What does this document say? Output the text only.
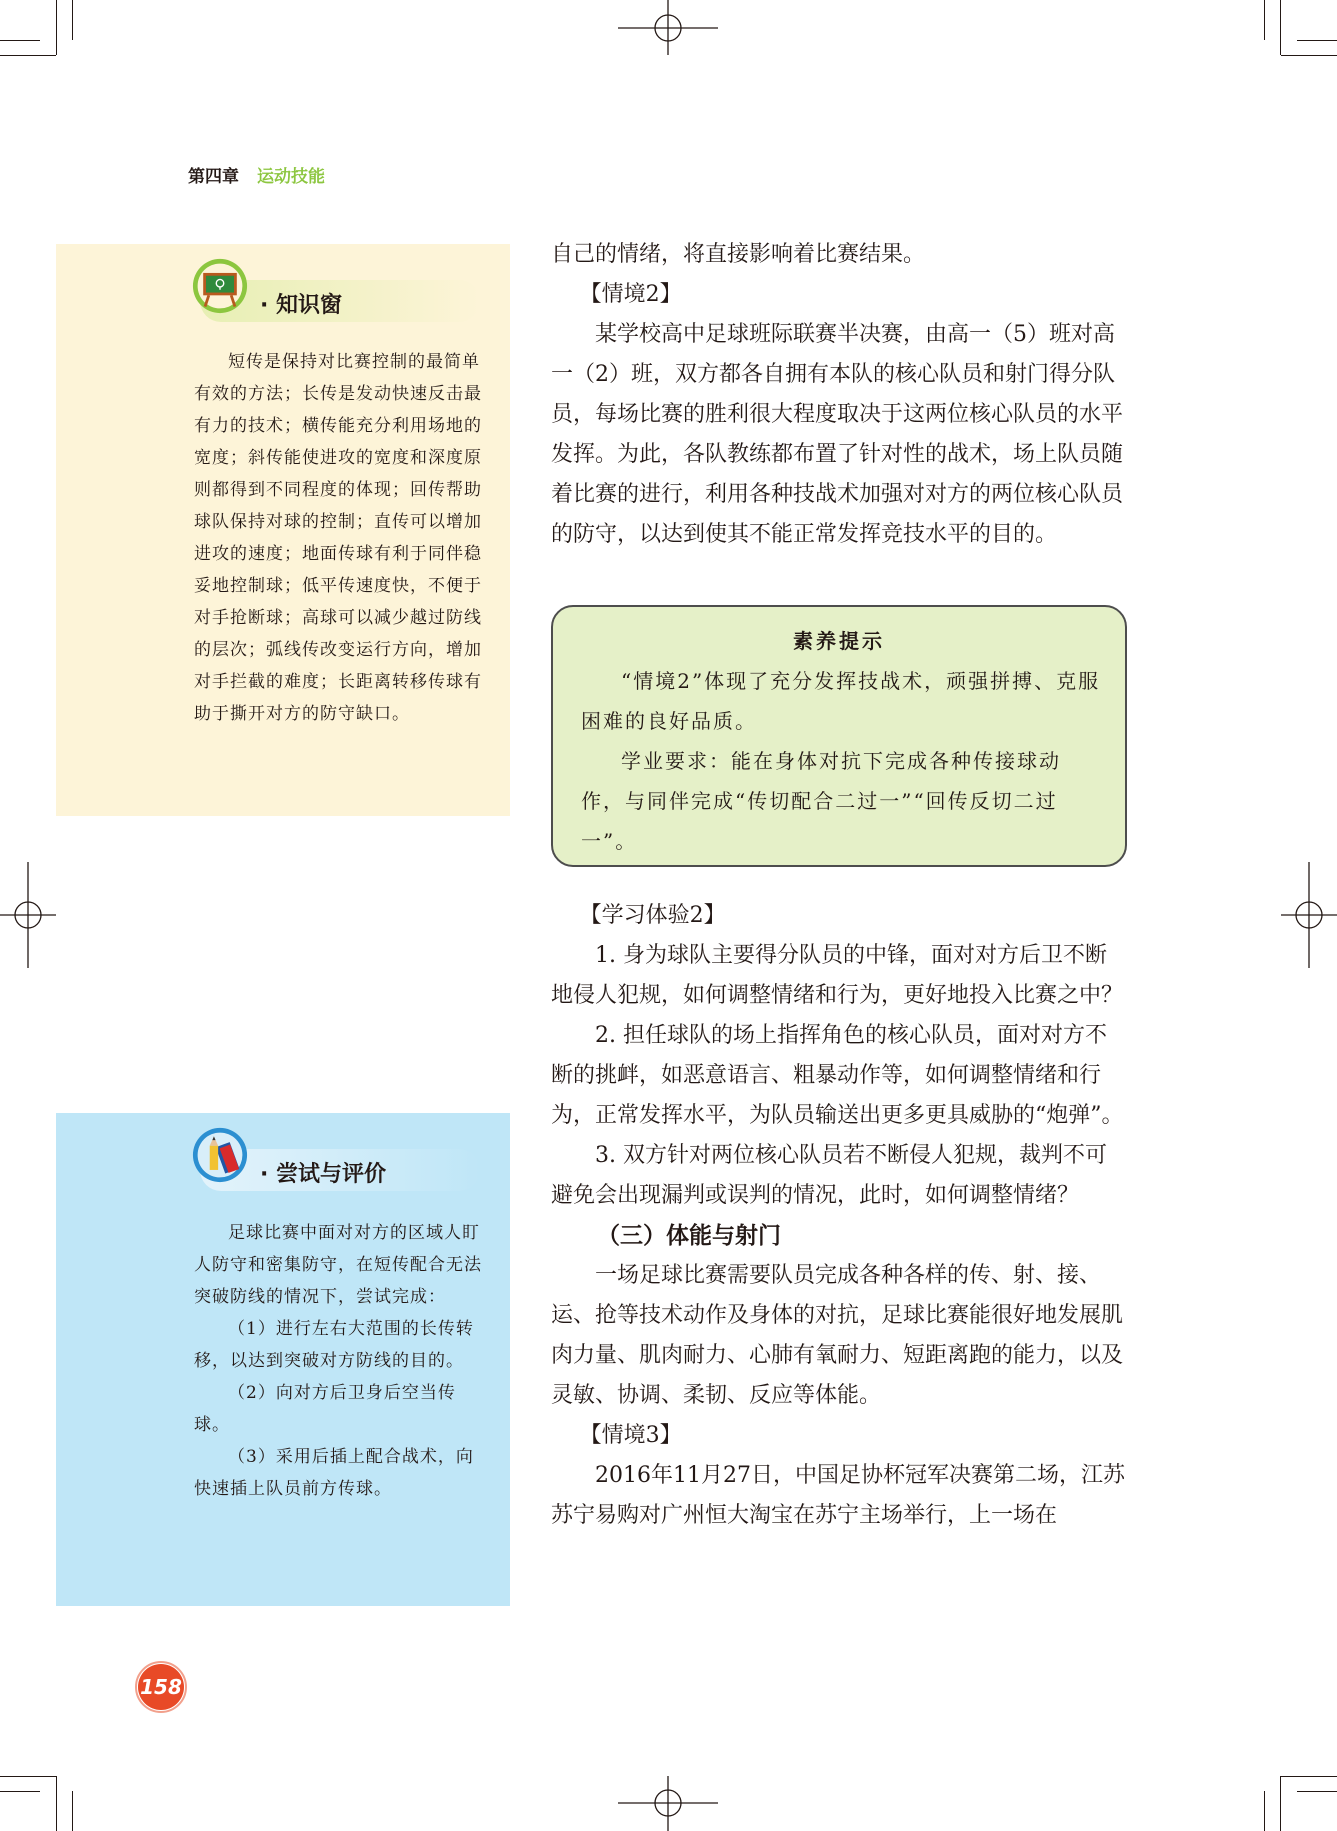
第四章 运动技能
· 知识窗

短传是保持对比赛控制的最简单有效的方法；长传是发动快速反击最有力的技术；横传能充分利用场地的宽度；斜传能使进攻的宽度和深度原则都得到不同程度的体现；回传帮助球队保持对球的控制；直传可以增加进攻的速度；地面传球有利于同伴稳妥地控制球；低平传速度快，不便于对手抢断球；高球可以减少越过防线的层次；弧线传改变运行方向，增加对手拦截的难度；长距离转移传球有助于撕开对方的防守缺口。

· 尝试与评价

足球比赛中面对对方的区域人盯人防守和密集防守，在短传配合无法突破防线的情况下，尝试完成：

（1）进行左右大范围的长传转移，以达到突破对方防线的目的。

（2）向对方后卫身后空当传球。

（3）采用后插上配合战术，向快速插上队员前方传球。

自己的情绪，将直接影响着比赛结果。

【情境2】

某学校高中足球班际联赛半决赛，由高一（5）班对高一（2）班，双方都各自拥有本队的核心队员和射门得分队员，每场比赛的胜利很大程度取决于这两位核心队员的水平发挥。为此，各队教练都布置了针对性的战术，场上队员随着比赛的进行，利用各种技战术加强对对方的两位核心队员的防守，以达到使其不能正常发挥竞技水平的目的。

素养提示

“情境2”体现了充分发挥技战术，顽强拼搏、克服困难的良好品质。

学业要求：能在身体对抗下完成各种传接球动作，与同伴完成“传切配合二过一”“回传反切二过一”。

【学习体验2】

1. 身为球队主要得分队员的中锋，面对对方后卫不断地侵人犯规，如何调整情绪和行为，更好地投入比赛之中？

2. 担任球队的场上指挥角色的核心队员，面对对方不断的挑衅，如恶意语言、粗暴动作等，如何调整情绪和行为，正常发挥水平，为队员输送出更多更具威胁的“炮弹”。

3. 双方针对两位核心队员若不断侵人犯规，裁判不可避免会出现漏判或误判的情况，此时，如何调整情绪？

（三）体能与射门

一场足球比赛需要队员完成各种各样的传、射、接、运、抢等技术动作及身体的对抗，足球比赛能很好地发展肌肉力量、肌肉耐力、心肺有氧耐力、短距离跑的能力，以及灵敏、协调、柔韧、反应等体能。

【情境3】

2016年11月27日，中国足协杯冠军决赛第二场，江苏苏宁易购对广州恒大淘宝在苏宁主场举行，上一场在

158
